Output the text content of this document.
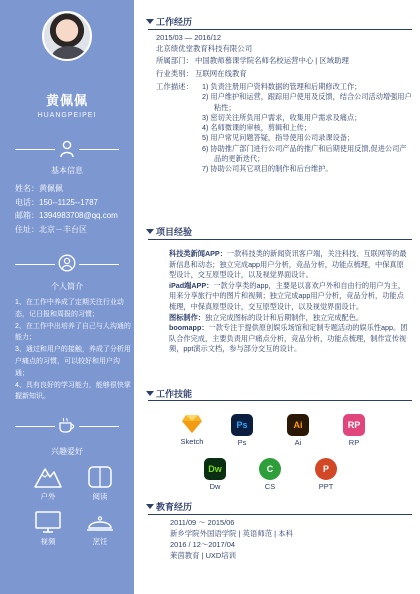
黄佩佩
HUANGPEIPEI
基本信息
姓名：黄佩佩
电话：150--1125--1787
邮箱：1394983708@qq.com
住址：北京－丰台区
个人简介
1、在工作中养成了定期关注行业动态，记日报和周报的习惯；
2、在工作中出培养了自己与人沟通的能力；
3、通过和用户的接触，养成了分析用户痛点的习惯，可以较好和用户沟通；
4、具有良好的学习能力，能够很快掌握新知识。
兴趣爱好
户外	阅读
视频	烹饪
工作经历
2015/03 — 2016/12
北京绩优堂教育科技有限公司
所属部门： 中国教师慕课学院名师名校运营中心 | 区域助理
行业类别： 互联网在线教育
工作描述： 1) 负责注册用户资料数据的管理和后期修改工作；
2) 用户维护和运营，跟踪用户使用及反馈，结合公司活动增强用户粘性；
3) 密切关注所负用户需求，收集用户需求及痛点；
4) 名师微课的审核，剪辑和上传；
5) 用户常见问题答疑，指导使用公司录课设备；
6) 协助推广部门进行公司产品的推广和后期使用反馈,促进公司产品的更新迭代；
7) 协助公司其它项目的制作和后台维护。
项目经验
科技类新闻APP：一款科技类的新闻资讯客户端，关注科技、互联网等的最新信息和动态；独立完成app用户分析，竞品分析，功能点梳理，中保真原型设计，交互原型设计，以及视觉界面设计。
iPad端APP：一款分享类的app，主要是以喜欢户外和自由行的用户为主，用来分享旅行中的图片和视频；独立完成app用户分析，竞品分析，功能点梳理，中保真原型设计，交互原型设计，以及视觉界面设计。
图标制作：独立完成图标的设计和后期制作，独立完成配色。
boomapp：一款专注于提供原创娱乐场馆和定制专题活动的娱乐性app。团队合作完成，主要负责用户痛点分析，竞品分析，功能点梳理，制作宣传视频，ppt演示文档，参与部分交互的设计。
工作技能
Sketch
Ps
Ps
Ai
Ai
RP
RP
Dw
Dw
C
CS
P
PPT
教育经历
2011/09 ～ 2015/06
新乡学院外国语学院 | 英语师范 | 本科
2016 / 12～2017/04
莱茵教育 | UXD培训
